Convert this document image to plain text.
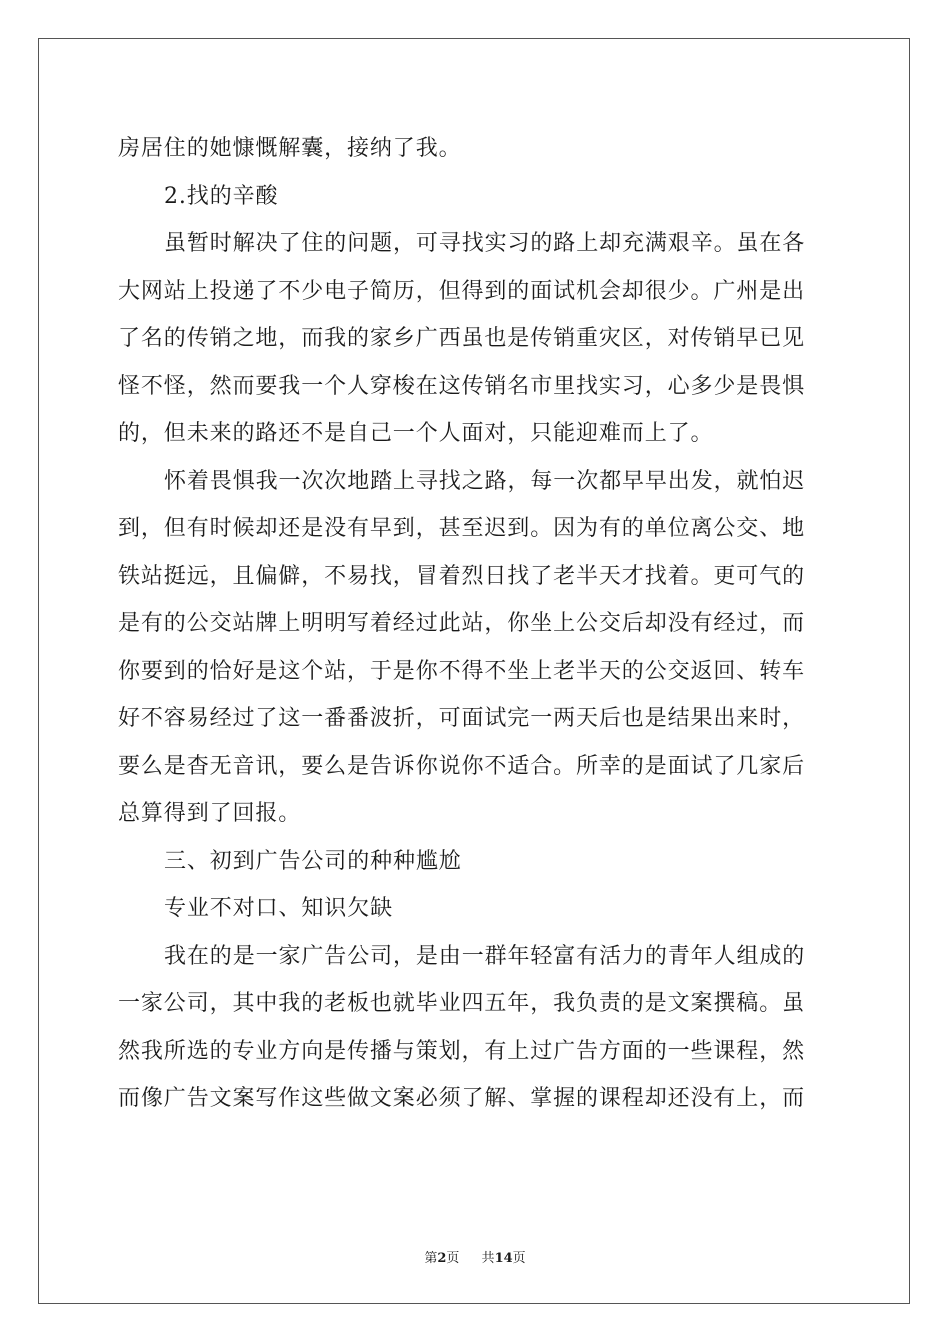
房居住的她慷慨解囊，接纳了我。
2.找的辛酸
虽暂时解决了住的问题，可寻找实习的路上却充满艰辛。虽在各
大网站上投递了不少电子简历，但得到的面试机会却很少。广州是出
了名的传销之地，而我的家乡广西虽也是传销重灾区，对传销早已见
怪不怪，然而要我一个人穿梭在这传销名市里找实习，心多少是畏惧
的，但未来的路还不是自己一个人面对，只能迎难而上了。
怀着畏惧我一次次地踏上寻找之路，每一次都早早出发，就怕迟
到，但有时候却还是没有早到，甚至迟到。因为有的单位离公交、地
铁站挺远，且偏僻，不易找，冒着烈日找了老半天才找着。更可气的
是有的公交站牌上明明写着经过此站，你坐上公交后却没有经过，而
你要到的恰好是这个站，于是你不得不坐上老半天的公交返回、转车
好不容易经过了这一番番波折，可面试完一两天后也是结果出来时，
要么是杳无音讯，要么是告诉你说你不适合。所幸的是面试了几家后
总算得到了回报。
三、初到广告公司的种种尴尬
专业不对口、知识欠缺
我在的是一家广告公司，是由一群年轻富有活力的青年人组成的
一家公司，其中我的老板也就毕业四五年，我负责的是文案撰稿。虽
然我所选的专业方向是传播与策划，有上过广告方面的一些课程，然
而像广告文案写作这些做文案必须了解、掌握的课程却还没有上，而
第2页 共14页
